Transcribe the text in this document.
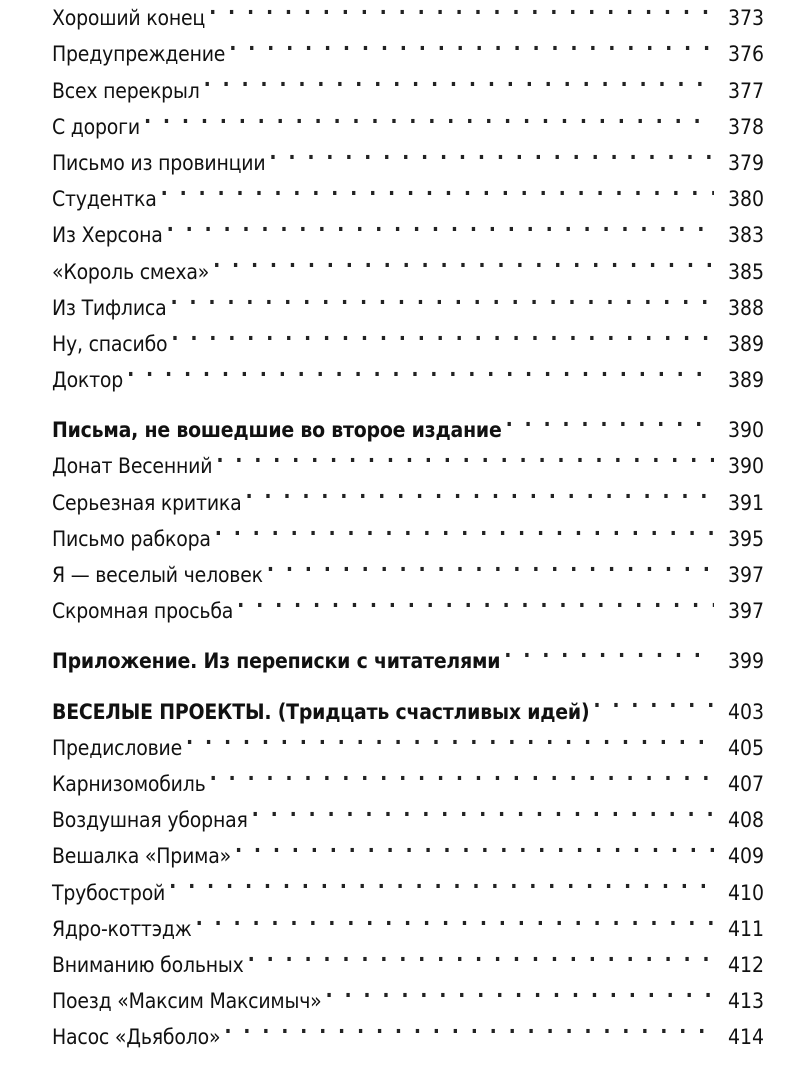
Хороший конец . . .	373
Предупреждение . . .	376
Всех перекрыл . . .	377
С дороги . . .	378
Письмо из провинции . . .	379
Студентка . . .	380
Из Херсона . . .	383
«Король смеха» . . .	385
Из Тифлиса . . .	388
Ну, спасибо . . .	389
Доктор . . .	389
Письма, не вошедшие во второе издание . . .	390
Донат Весенний . . .	390
Серьезная критика . . .	391
Письмо рабкора . . .	395
Я — веселый человек . . .	397
Скромная просьба . . .	397
Приложение. Из переписки с читателями . . .	399
ВЕСЕЛЫЕ ПРОЕКТЫ. (Тридцать счастливых идей) . . .	403
Предисловие . . .	405
Карнизомобиль . . .	407
Воздушная уборная . . .	408
Вешалка «Прима» . . .	409
Трубострой . . .	410
Ядро-коттэдж . . .	411
Вниманию больных . . .	412
Поезд «Максим Максимыч» . . .	413
Насос «Дьяболо» . . .	414
